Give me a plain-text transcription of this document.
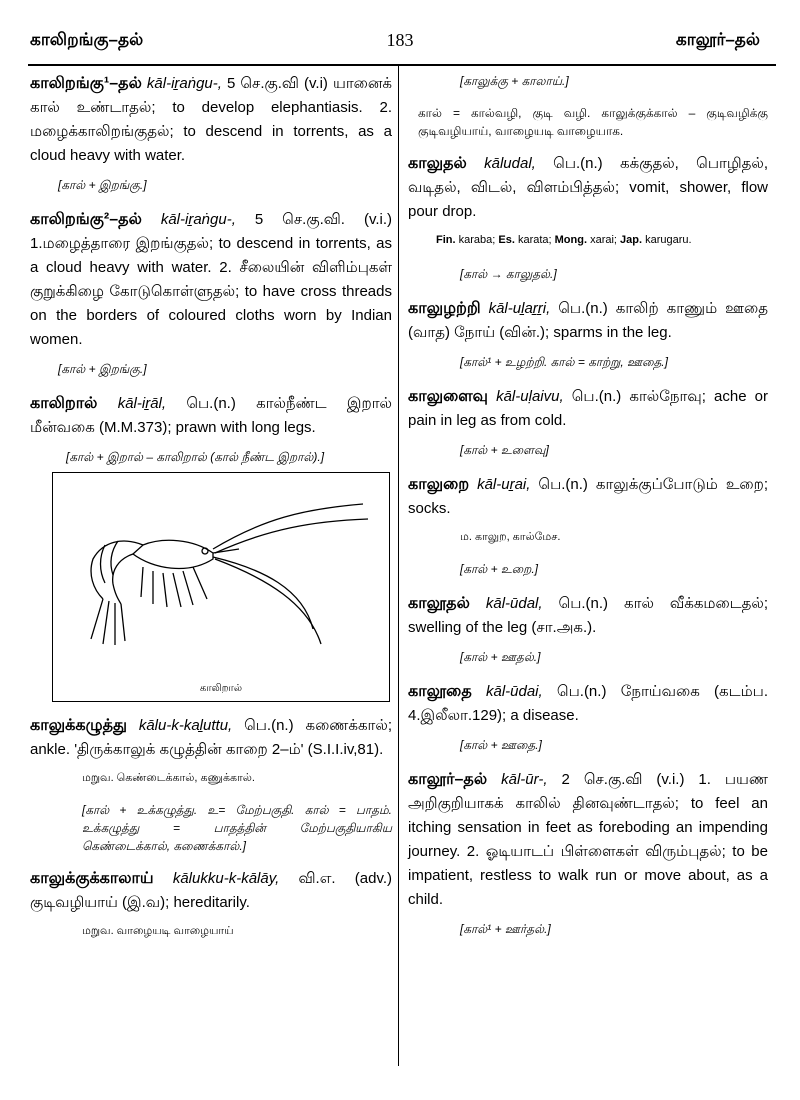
காலிறங்கு–தல்	183	காலூர்–தல்

காலிறங்கு¹–தல் kāl-iṟaṅgu-, 5 செ.கு.வி (v.i) யானைக் கால் உண்டாதல்; to develop elephantiasis. 2. மழைக்காலிறங்குதல்; to descend in torrents, as a cloud heavy with water.

[கால் + இறங்கு.]

காலிறங்கு²–தல் kāl-iṟaṅgu-, 5 செ.கு.வி. (v.i.) 1.மழைத்தாரை இறங்குதல்; to descend in torrents, as a cloud heavy with water. 2. சீலையின் விளிம்புகள் குறுக்கிழை கோடுகொள்ளுதல்; to have cross threads on the borders of coloured cloths worn by Indian women.

[கால் + இறங்கு.]

காலிறால் kāl-iṟāl, பெ.(n.) கால்நீண்ட இறால் மீன்வகை (M.M.373); prawn with long legs.

[கால் + இறால் – காலிறால் (கால் நீண்ட இறால்).]

காலிறால்

காலுக்கழுத்து kālu-k-kaḻuttu, பெ.(n.) கணைக்கால்; ankle. 'திருக்காலுக் கழுத்தின் காறை 2–ம்' (S.I.I.iv,81).

மறுவ. கெண்டைக்கால், கணுக்கால்.

[கால் + உக்கழுத்து. உ= மேற்பகுதி. கால் = பாதம். உக்கழுத்து = பாதத்தின் மேற்பகுதியாகிய கெண்டைக்கால், கணைக்கால்.]

காலுக்குக்காலாய் kālukku-k-kālāy, வி.எ. (adv.) குடிவழியாய் (இ.வ); hereditarily.

மறுவ. வாழையடி வாழையாய்

[காலுக்கு + காலாய்.]

கால் = கால்வழி, குடி வழி. காலுக்குக்கால் – குடிவழிக்கு குடிவழியாய், வாழையடி வாழையாக.

காலுதல் kāludal, பெ.(n.) கக்குதல், பொழிதல், வடிதல், விடல், விளம்பித்தல்; vomit, shower, flow pour drop.

Fin. karaba; Es. karata; Mong. xarai; Jap. karugaru.

[கால் → காலுதல்.]

காலுழற்றி kāl-uḻaṟṟi, பெ.(n.) காலிற் காணும் ஊதை (வாத) நோய் (வின்.); sparms in the leg.

[கால்¹ + உழற்றி. கால் = காற்று, ஊதை.]

காலுளைவு kāl-uḷaivu, பெ.(n.) கால்நோவு; ache or pain in leg as from cold.

[கால் + உளைவு]

காலுறை kāl-uṟai, பெ.(n.) காலுக்குப்போடும் உறை; socks.

ம. காலுற, கால்மேச.

[கால் + உறை.]

காலூதல் kāl-ūdal, பெ.(n.) கால் வீக்கமடைதல்; swelling of the leg (சா.அக.).

[கால் + ஊதல்.]

காலூதை kāl-ūdai, பெ.(n.) நோய்வகை (கடம்ப. 4.இலீலா.129); a disease.

[கால் + ஊதை.]

காலூர்–தல் kāl-ūr-, 2 செ.கு.வி (v.i.) 1. பயண அறிகுறியாகக் காலில் தினவுண்டாதல்; to feel an itching sensation in feet as foreboding an impending journey. 2. ஓடியாடப் பிள்ளைகள் விரும்புதல்; to be impatient, restless to walk run or move about, as a child.

[கால்¹ + ஊர்தல்.]
